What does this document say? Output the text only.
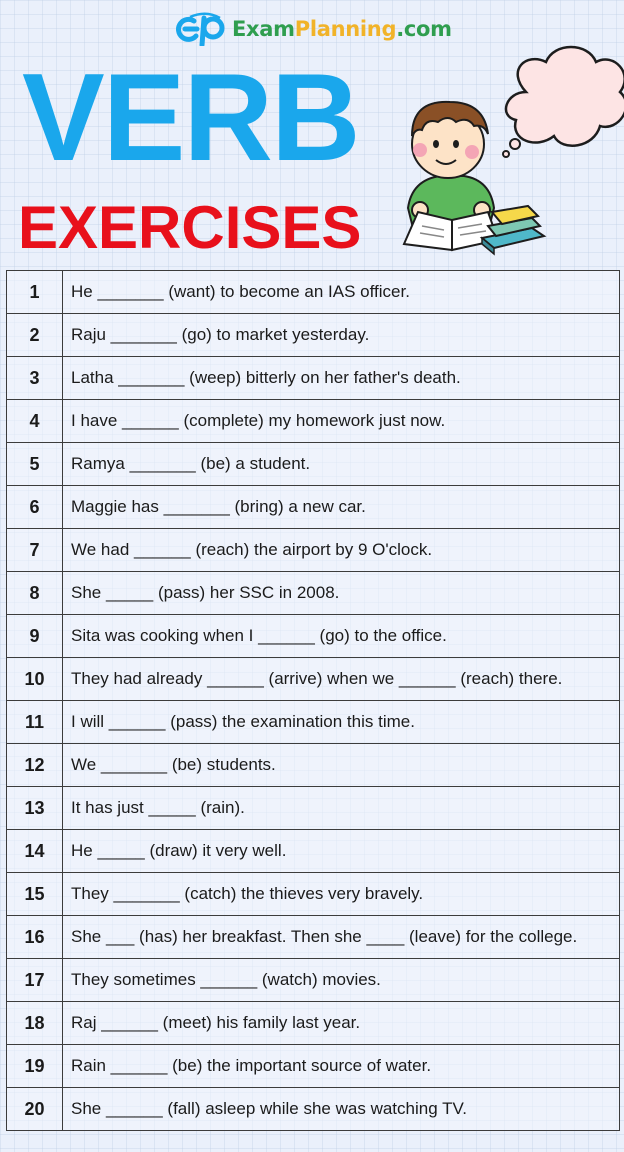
ExamPlanning.com
VERB
EXERCISES
1	He _______ (want) to become an IAS officer.
2	Raju _______ (go) to market yesterday.
3	Latha _______ (weep) bitterly on her father's death.
4	I have ______ (complete) my homework just now.
5	Ramya _______ (be) a student.
6	Maggie has _______ (bring) a new car.
7	We had ______ (reach) the airport by 9 O'clock.
8	She _____ (pass) her SSC in 2008.
9	Sita was cooking when I ______ (go) to the office.
10	They had already ______ (arrive) when we ______ (reach) there.
11	I will ______ (pass) the examination this time.
12	We _______ (be) students.
13	It has just _____ (rain).
14	He _____ (draw) it very well.
15	They _______ (catch) the thieves very bravely.
16	She ___ (has) her breakfast. Then she ____ (leave) for the college.
17	They sometimes ______ (watch) movies.
18	Raj ______ (meet) his family last year.
19	Rain ______ (be) the important source of water.
20	She ______ (fall) asleep while she was watching TV.
